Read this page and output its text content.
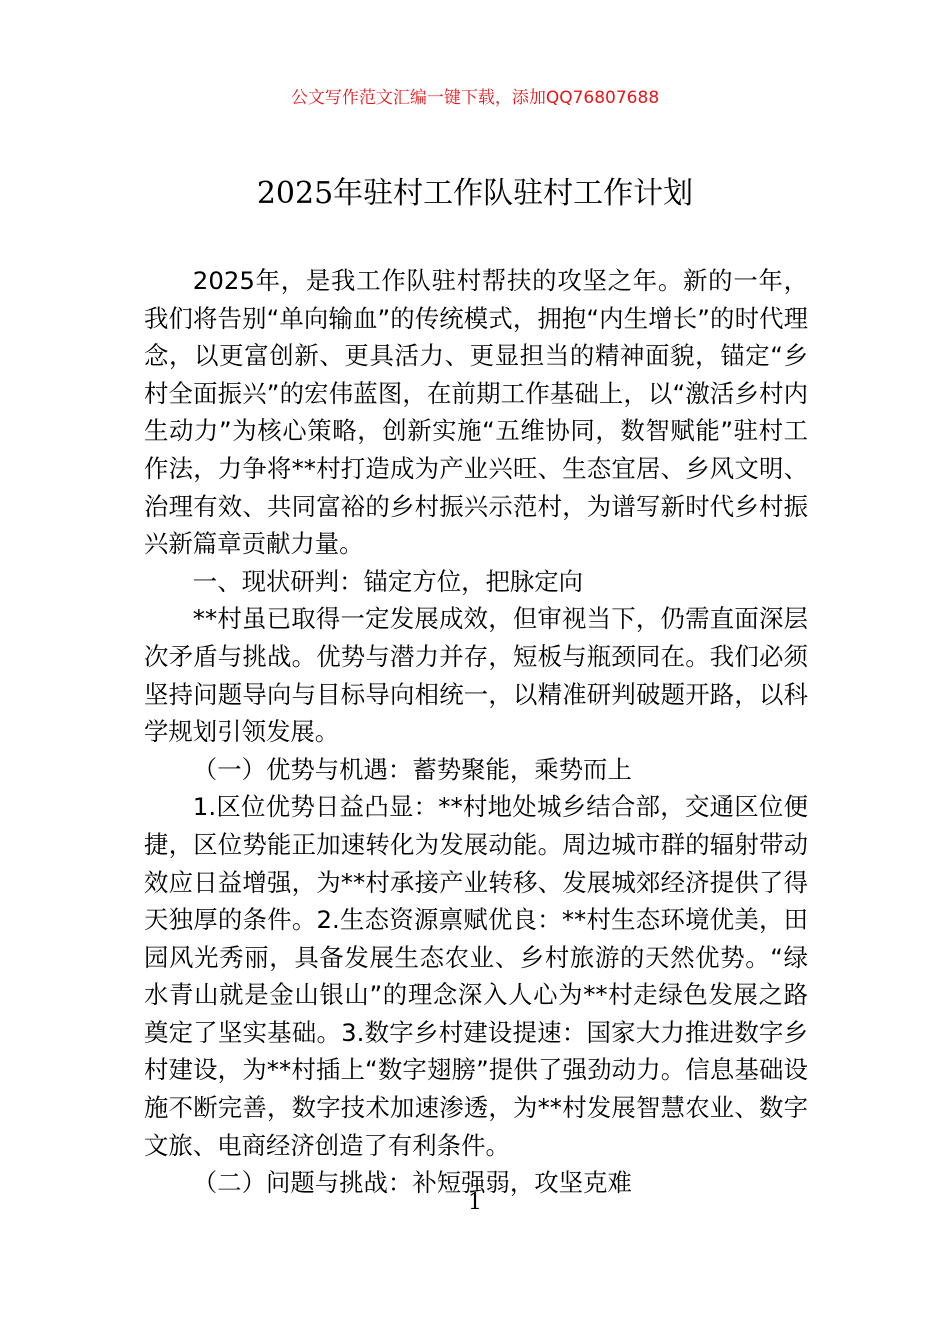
公文写作范文汇编一键下载，添加QQ76807688
2025年驻村工作队驻村工作计划

2025年，是我工作队驻村帮扶的攻坚之年。新的一年，我们将告别“单向输血”的传统模式，拥抱“内生增长”的时代理念，以更富创新、更具活力、更显担当的精神面貌，锚定“乡村全面振兴”的宏伟蓝图，在前期工作基础上，以“激活乡村内生动力”为核心策略，创新实施“五维协同，数智赋能”驻村工作法，力争将**村打造成为产业兴旺、生态宜居、乡风文明、治理有效、共同富裕的乡村振兴示范村，为谱写新时代乡村振兴新篇章贡献力量。

一、现状研判：锚定方位，把脉定向

**村虽已取得一定发展成效，但审视当下，仍需直面深层次矛盾与挑战。优势与潜力并存，短板与瓶颈同在。我们必须坚持问题导向与目标导向相统一，以精准研判破题开路，以科学规划引领发展。

（一）优势与机遇：蓄势聚能，乘势而上

1.区位优势日益凸显：**村地处城乡结合部，交通区位便捷，区位势能正加速转化为发展动能。周边城市群的辐射带动效应日益增强，为**村承接产业转移、发展城郊经济提供了得天独厚的条件。2.生态资源禀赋优良：**村生态环境优美，田园风光秀丽，具备发展生态农业、乡村旅游的天然优势。“绿水青山就是金山银山”的理念深入人心为**村走绿色发展之路奠定了坚实基础。3.数字乡村建设提速：国家大力推进数字乡村建设，为**村插上“数字翅膀”提供了强劲动力。信息基础设施不断完善，数字技术加速渗透，为**村发展智慧农业、数字文旅、电商经济创造了有利条件。

（二）问题与挑战：补短强弱，攻坚克难

1
